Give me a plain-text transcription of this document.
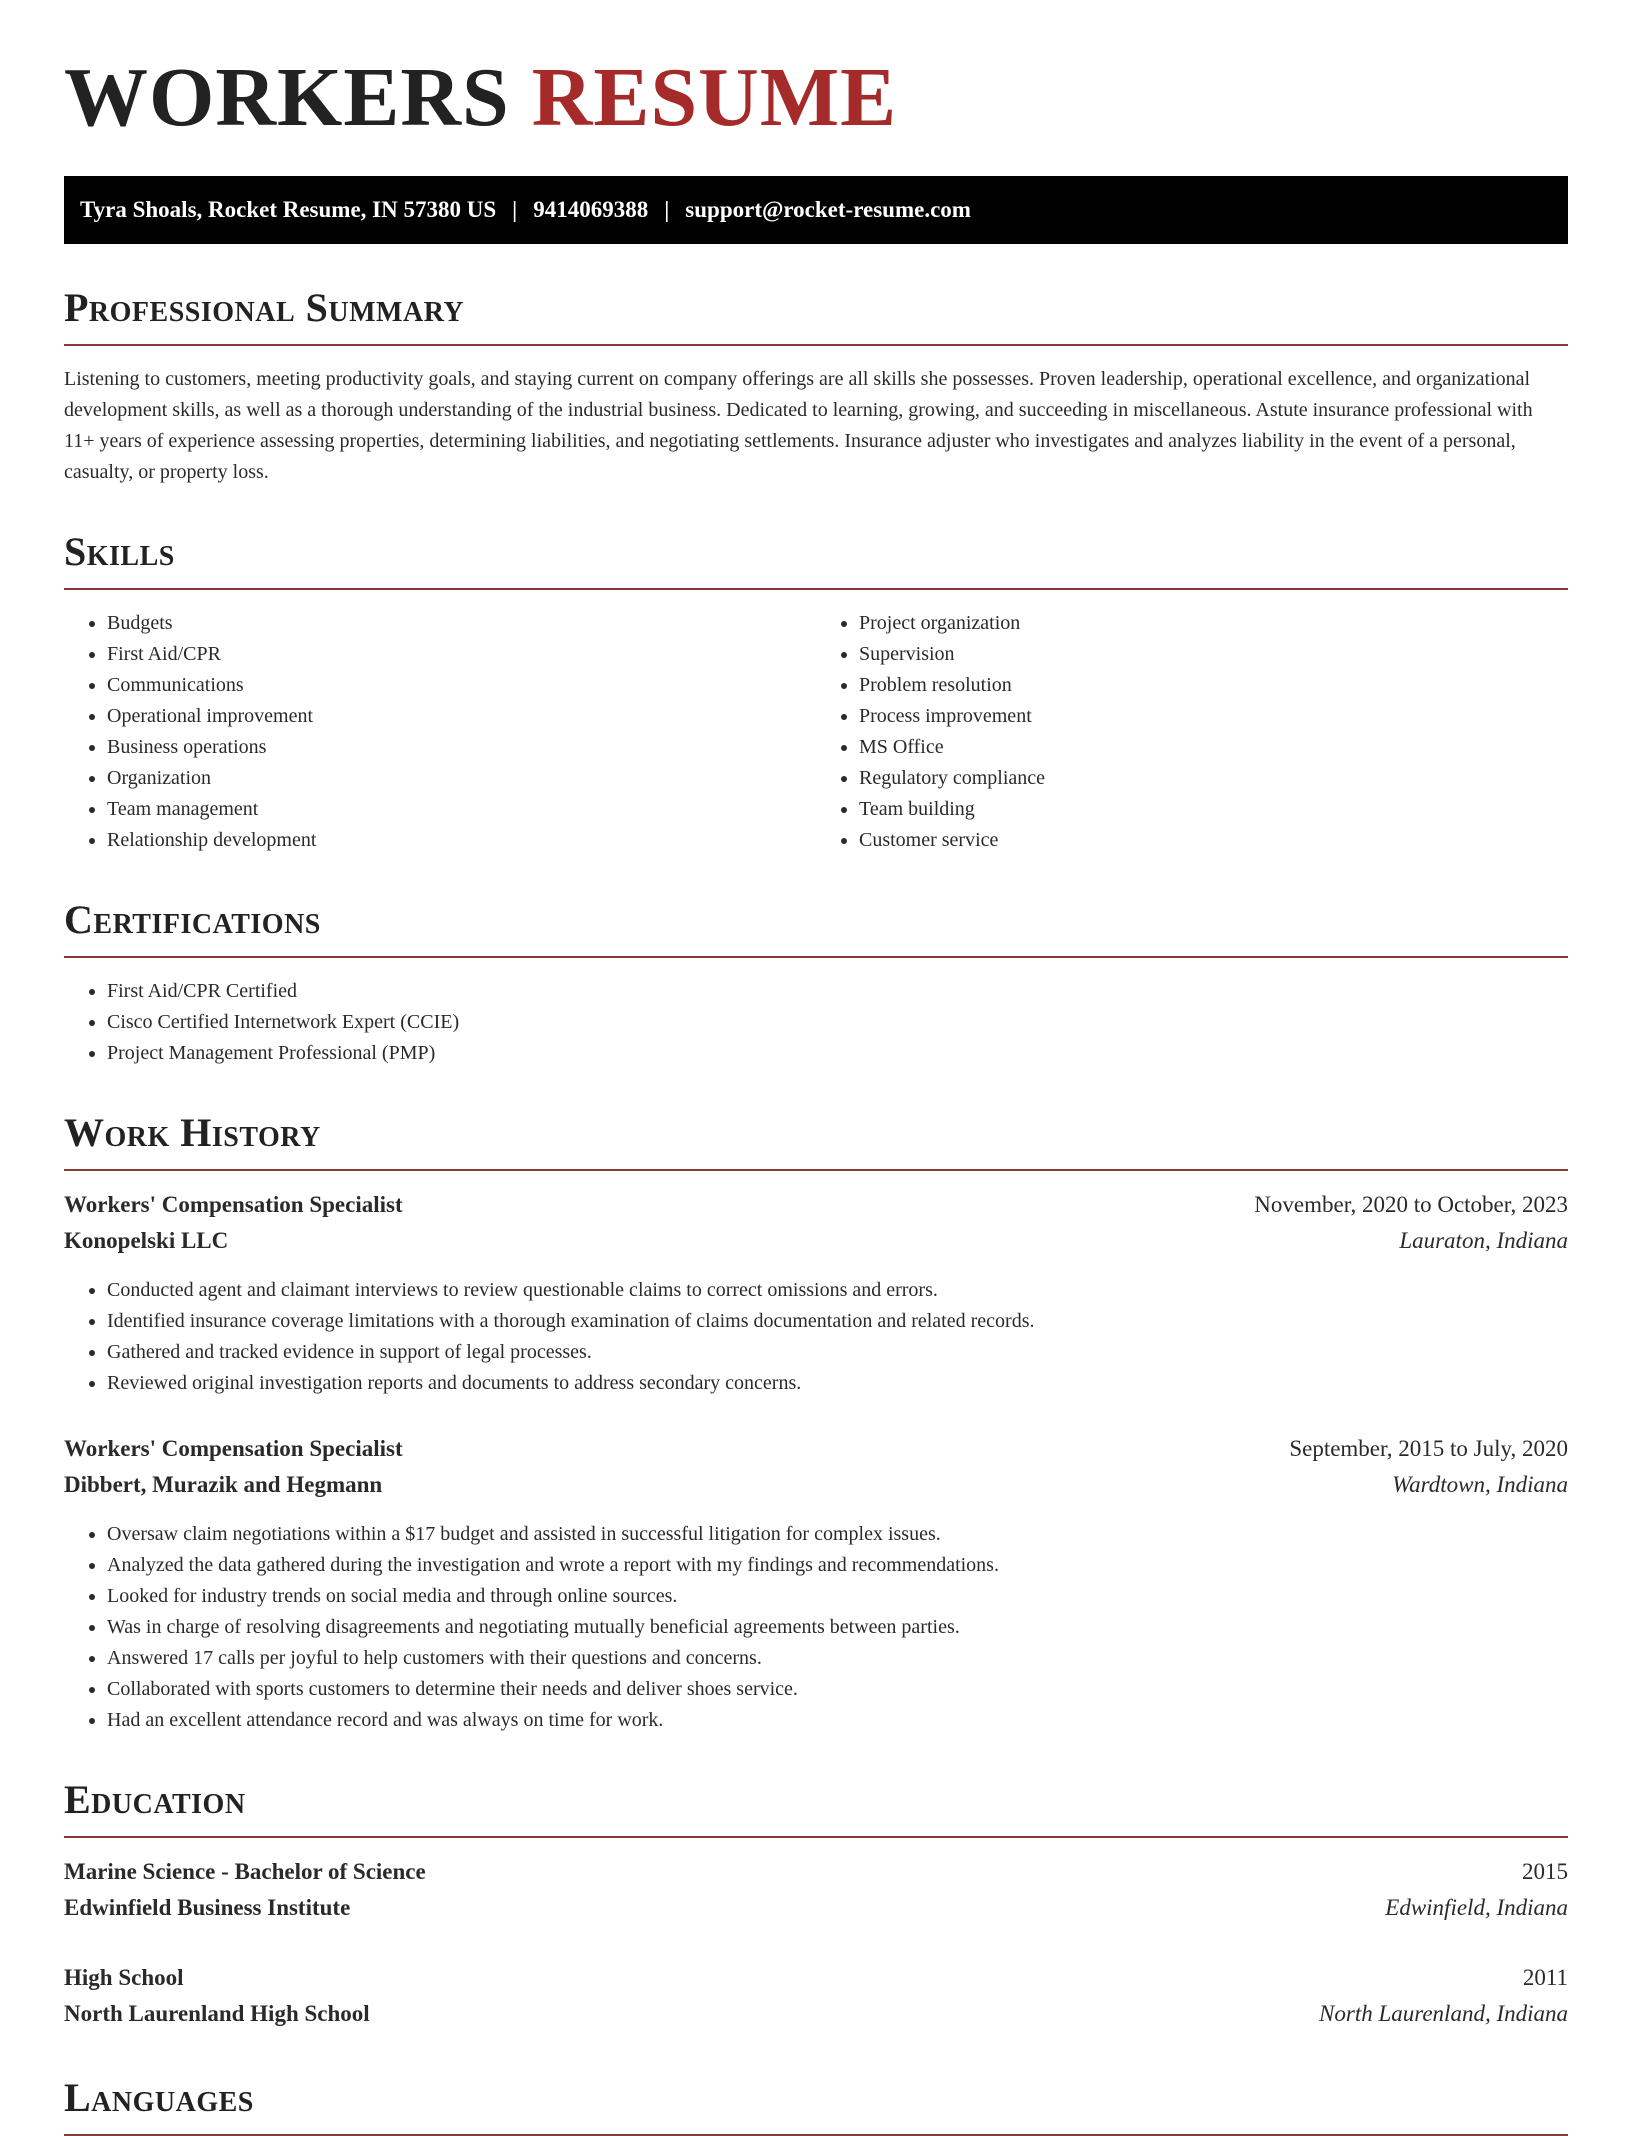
WORKERS RESUME
Tyra Shoals, Rocket Resume, IN 57380 US | 9414069388 | support@rocket-resume.com
Professional Summary

Listening to customers, meeting productivity goals, and staying current on company offerings are all skills she possesses. Proven leadership, operational excellence, and organizational development skills, as well as a thorough understanding of the industrial business. Dedicated to learning, growing, and succeeding in miscellaneous. Astute insurance professional with 11+ years of experience assessing properties, determining liabilities, and negotiating settlements. Insurance adjuster who investigates and analyzes liability in the event of a personal, casualty, or property loss.

Skills
• Budgets
• First Aid/CPR
• Communications
• Operational improvement
• Business operations
• Organization
• Team management
• Relationship development
• Project organization
• Supervision
• Problem resolution
• Process improvement
• MS Office
• Regulatory compliance
• Team building
• Customer service
Certifications
• First Aid/CPR Certified
• Cisco Certified Internetwork Expert (CCIE)
• Project Management Professional (PMP)
Work History
Workers' Compensation Specialist	November, 2020 to October, 2023
Konopelski LLC	Lauraton, Indiana
• Conducted agent and claimant interviews to review questionable claims to correct omissions and errors.
• Identified insurance coverage limitations with a thorough examination of claims documentation and related records.
• Gathered and tracked evidence in support of legal processes.
• Reviewed original investigation reports and documents to address secondary concerns.
Workers' Compensation Specialist	September, 2015 to July, 2020
Dibbert, Murazik and Hegmann	Wardtown, Indiana
• Oversaw claim negotiations within a $17 budget and assisted in successful litigation for complex issues.
• Analyzed the data gathered during the investigation and wrote a report with my findings and recommendations.
• Looked for industry trends on social media and through online sources.
• Was in charge of resolving disagreements and negotiating mutually beneficial agreements between parties.
• Answered 17 calls per joyful to help customers with their questions and concerns.
• Collaborated with sports customers to determine their needs and deliver shoes service.
• Had an excellent attendance record and was always on time for work.
Education
Marine Science - Bachelor of Science	2015
Edwinfield Business Institute	Edwinfield, Indiana
High School	2011
North Laurenland High School	North Laurenland, Indiana
Languages
